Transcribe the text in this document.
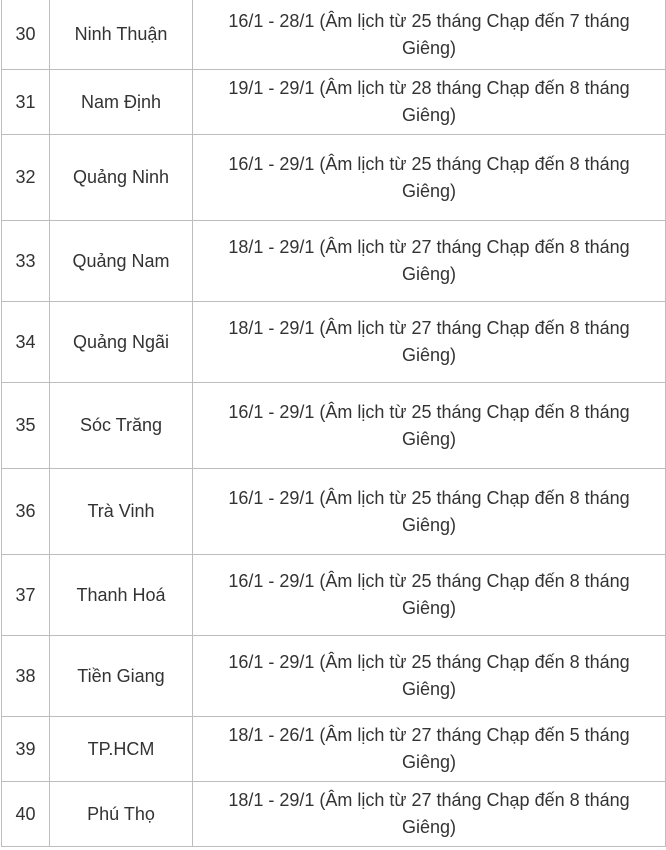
30	Ninh Thuận	16/1 - 28/1 (Âm lịch từ 25 tháng Chạp đến 7 tháng Giêng)
31	Nam Định	19/1 - 29/1 (Âm lịch từ 28 tháng Chạp đến 8 tháng Giêng)
32	Quảng Ninh	16/1 - 29/1 (Âm lịch từ 25 tháng Chạp đến 8 tháng Giêng)
33	Quảng Nam	18/1 - 29/1 (Âm lịch từ 27 tháng Chạp đến 8 tháng Giêng)
34	Quảng Ngãi	18/1 - 29/1 (Âm lịch từ 27 tháng Chạp đến 8 tháng Giêng)
35	Sóc Trăng	16/1 - 29/1 (Âm lịch từ 25 tháng Chạp đến 8 tháng Giêng)
36	Trà Vinh	16/1 - 29/1 (Âm lịch từ 25 tháng Chạp đến 8 tháng Giêng)
37	Thanh Hoá	16/1 - 29/1 (Âm lịch từ 25 tháng Chạp đến 8 tháng Giêng)
38	Tiền Giang	16/1 - 29/1 (Âm lịch từ 25 tháng Chạp đến 8 tháng Giêng)
39	TP.HCM	18/1 - 26/1 (Âm lịch từ 27 tháng Chạp đến 5 tháng Giêng)
40	Phú Thọ	18/1 - 29/1 (Âm lịch từ 27 tháng Chạp đến 8 tháng Giêng)
